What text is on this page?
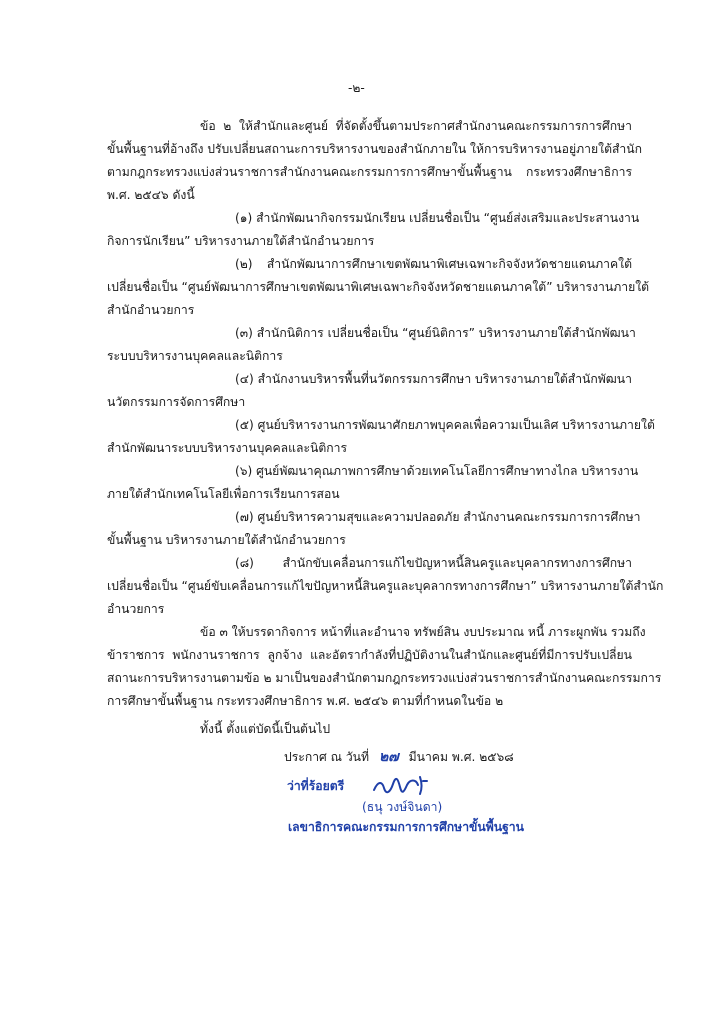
-๒-
ข้อ ๒ ให้สำนักและศูนย์ ที่จัดตั้งขึ้นตามประกาศสำนักงานคณะกรรมการการศึกษา
ขั้นพื้นฐานที่อ้างถึง ปรับเปลี่ยนสถานะการบริหารงานของสำนักภายใน ให้การบริหารงานอยู่ภายใต้สำนัก
ตามกฎกระทรวงแบ่งส่วนราชการสำนักงานคณะกรรมการการศึกษาขั้นพื้นฐาน กระทรวงศึกษาธิการ
พ.ศ. ๒๕๔๖ ดังนี้
(๑) สำนักพัฒนากิจกรรมนักเรียน เปลี่ยนชื่อเป็น “ศูนย์ส่งเสริมและประสานงาน
กิจการนักเรียน” บริหารงานภายใต้สำนักอำนวยการ
(๒) สำนักพัฒนาการศึกษาเขตพัฒนาพิเศษเฉพาะกิจจังหวัดชายแดนภาคใต้
เปลี่ยนชื่อเป็น “ศูนย์พัฒนาการศึกษาเขตพัฒนาพิเศษเฉพาะกิจจังหวัดชายแดนภาคใต้” บริหารงานภายใต้
สำนักอำนวยการ
(๓) สำนักนิติการ เปลี่ยนชื่อเป็น “ศูนย์นิติการ” บริหารงานภายใต้สำนักพัฒนา
ระบบบริหารงานบุคคลและนิติการ
(๔) สำนักงานบริหารพื้นที่นวัตกรรมการศึกษา บริหารงานภายใต้สำนักพัฒนา
นวัตกรรมการจัดการศึกษา
(๕) ศูนย์บริหารงานการพัฒนาศักยภาพบุคคลเพื่อความเป็นเลิศ บริหารงานภายใต้
สำนักพัฒนาระบบบริหารงานบุคคลและนิติการ
(๖) ศูนย์พัฒนาคุณภาพการศึกษาด้วยเทคโนโลยีการศึกษาทางไกล บริหารงาน
ภายใต้สำนักเทคโนโลยีเพื่อการเรียนการสอน
(๗) ศูนย์บริหารความสุขและความปลอดภัย สำนักงานคณะกรรมการการศึกษา
ขั้นพื้นฐาน บริหารงานภายใต้สำนักอำนวยการ
(๘) สำนักขับเคลื่อนการแก้ไขปัญหาหนี้สินครูและบุคลากรทางการศึกษา
เปลี่ยนชื่อเป็น “ศูนย์ขับเคลื่อนการแก้ไขปัญหาหนี้สินครูและบุคลากรทางการศึกษา” บริหารงานภายใต้สำนัก
อำนวยการ
ข้อ ๓ ให้บรรดากิจการ หน้าที่และอำนาจ ทรัพย์สิน งบประมาณ หนี้ ภาระผูกพัน รวมถึง
ข้าราชการ พนักงานราชการ ลูกจ้าง และอัตรากำลังที่ปฏิบัติงานในสำนักและศูนย์ที่มีการปรับเปลี่ยน
สถานะการบริหารงานตามข้อ ๒ มาเป็นของสำนักตามกฎกระทรวงแบ่งส่วนราชการสำนักงานคณะกรรมการ
การศึกษาขั้นพื้นฐาน กระทรวงศึกษาธิการ พ.ศ. ๒๕๔๖ ตามที่กำหนดในข้อ ๒
ทั้งนี้ ตั้งแต่บัดนี้เป็นต้นไป
ประกาศ ณ วันที่ ๒๗ มีนาคม พ.ศ. ๒๕๖๘
ว่าที่ร้อยตรี
(ธนุ วงษ์จินดา)
เลขาธิการคณะกรรมการการศึกษาขั้นพื้นฐาน
